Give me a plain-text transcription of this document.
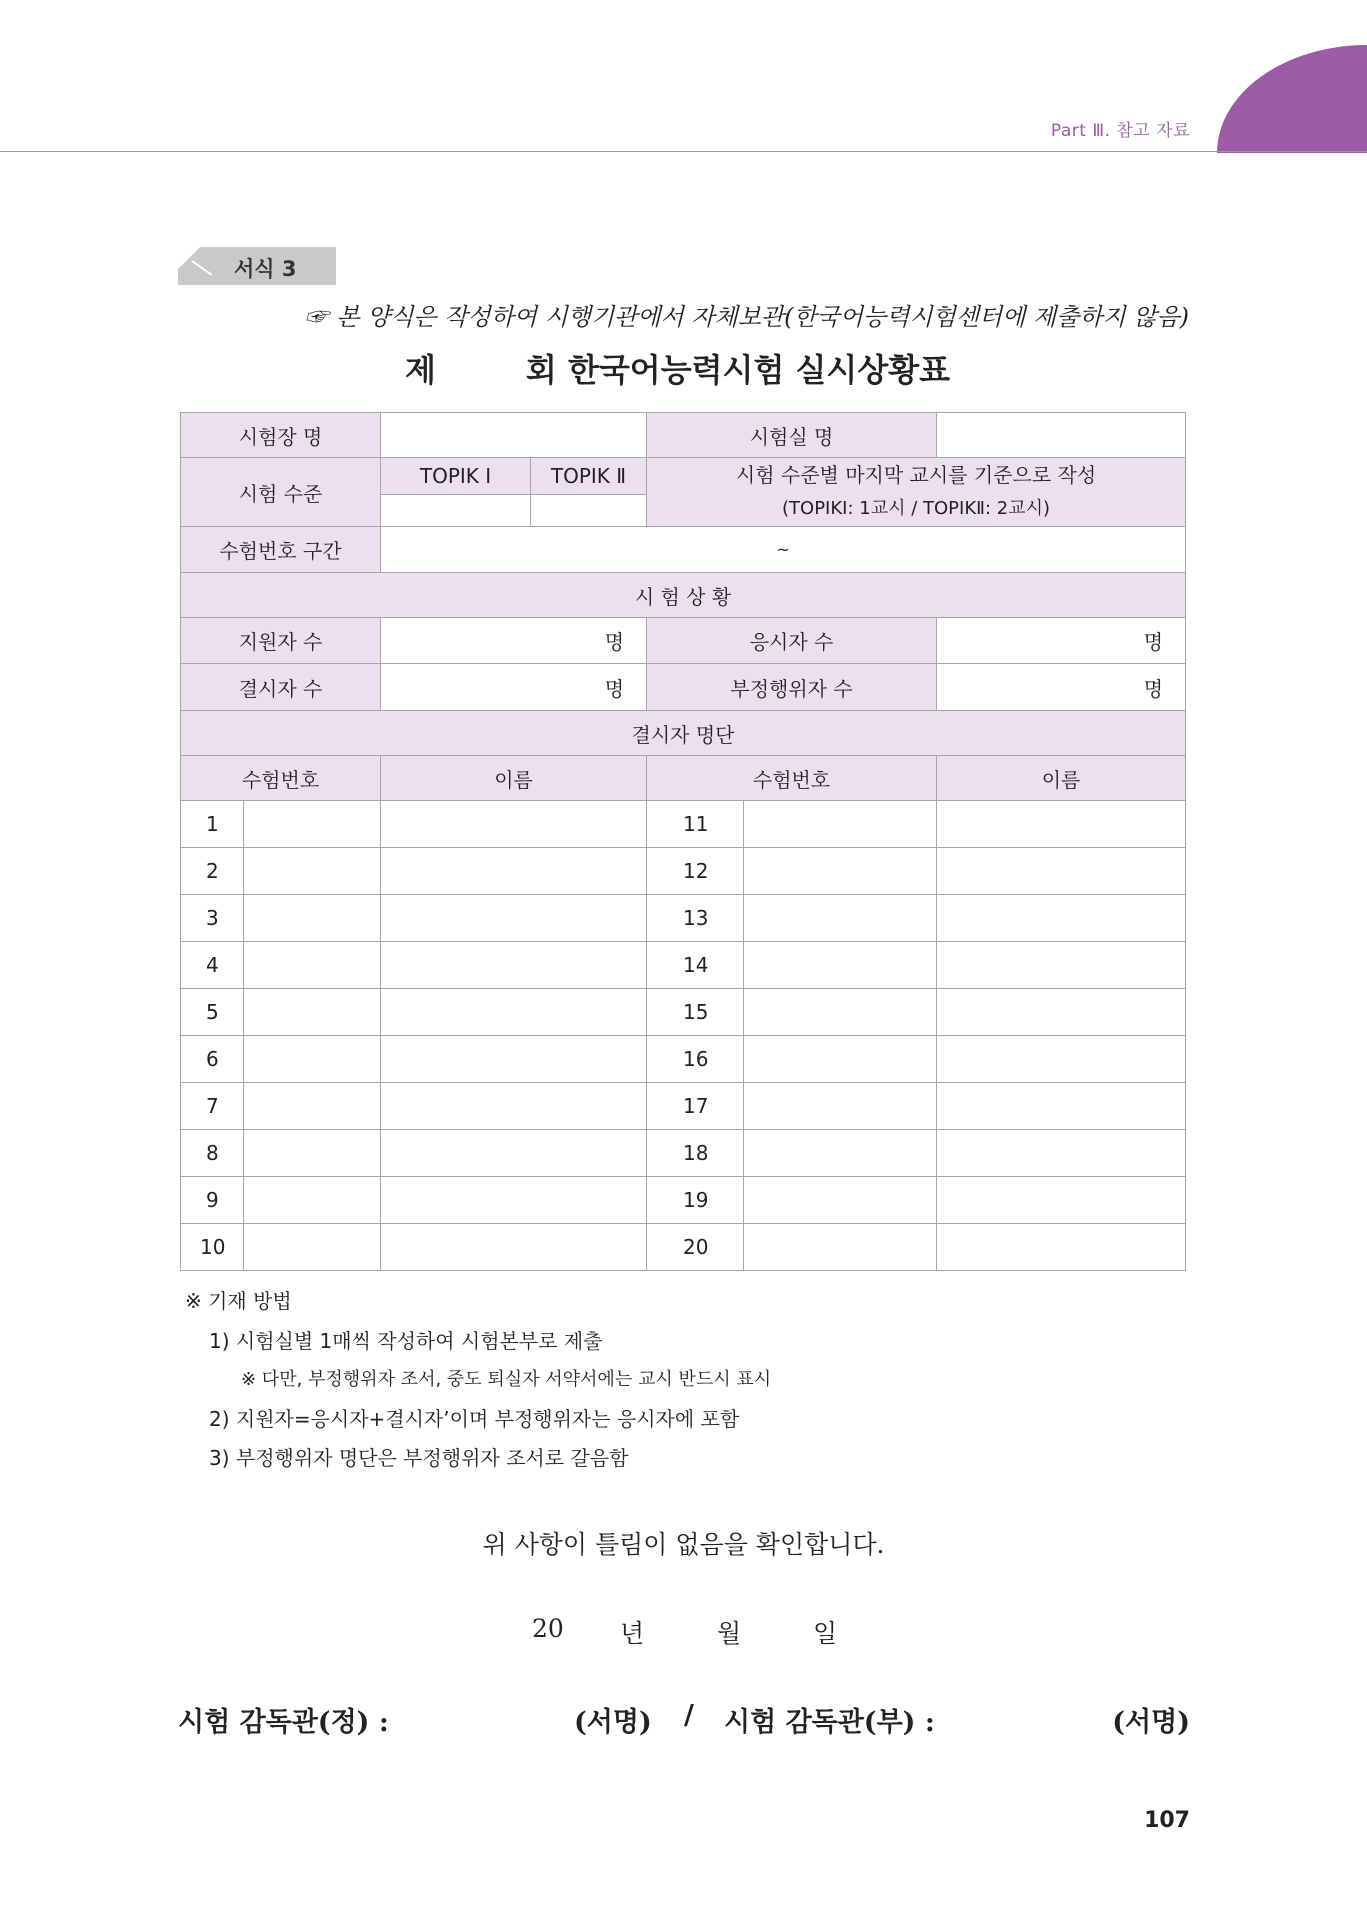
Part Ⅲ. 참고 자료
서식 3
☞ 본 양식은 작성하여 시행기관에서 자체보관(한국어능력시험센터에 제출하지 않음)
제	회 한국어능력시험 실시상황표
시험장 명				시험실 명		
시험 수준		TOPIK Ⅰ	TOPIK Ⅱ	시험 수준별 마지막 교시를 기준으로 작성
(TOPIKⅠ: 1교시 / TOPIKⅡ: 2교시)		

수험번호 구간		~				
시 험 상 황						
지원자 수		명		응시자 수		명
결시자 수		명		부정행위자 수		명
결시자 명단						
수험번호		이름		수험번호		이름
1				11		
2				12		
3				13		
4				14		
5				15		
6				16		
7				17		
8				18		
9				19		
10				20		
※ 기재 방법
1) 시험실별 1매씩 작성하여 시험본부로 제출
※ 다만, 부정행위자 조서, 중도 퇴실자 서약서에는 교시 반드시 표시
2) 지원자=응시자+결시자’이며 부정행위자는 응시자에 포함
3) 부정행위자 명단은 부정행위자 조서로 갈음함
위 사항이 틀림이 없음을 확인합니다.
20 년	월	일
시험 감독관(정) :	(서명) / 시험 감독관(부) :	(서명)
107
